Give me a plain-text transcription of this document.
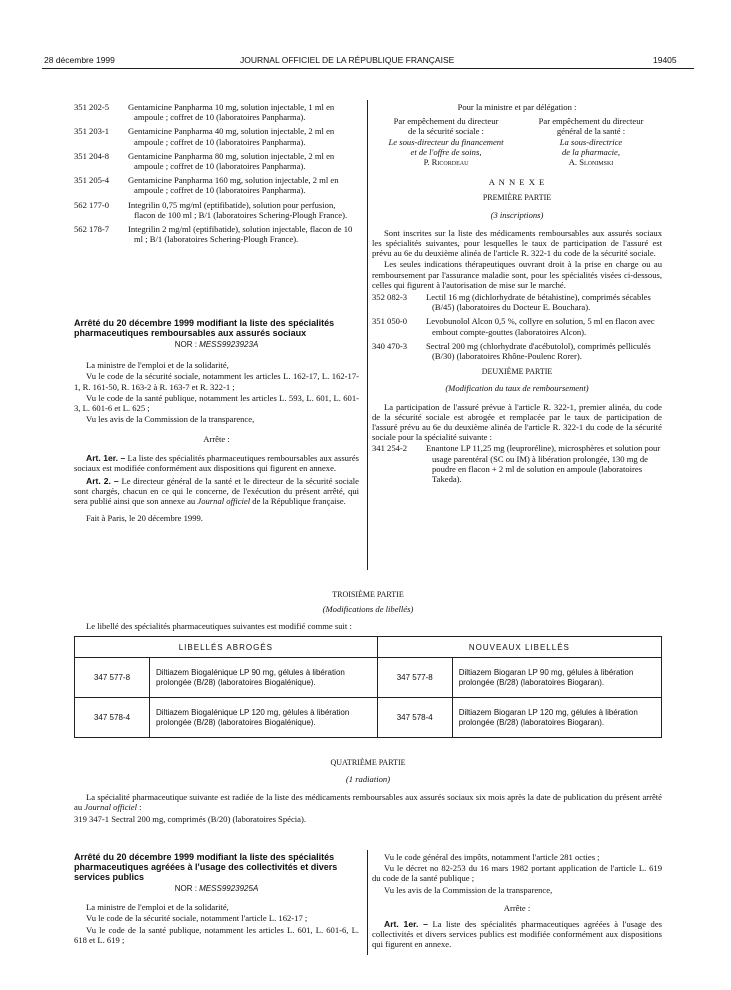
28 décembre 1999	JOURNAL OFFICIEL DE LA RÉPUBLIQUE FRANÇAISE	19405
351 202-5	Gentamicine Panpharma 10 mg, solution injectable, 1 ml en ampoule ; coffret de 10 (laboratoires Panpharma).
351 203-1	Gentamicine Panpharma 40 mg, solution injectable, 2 ml en ampoule ; coffret de 10 (laboratoires Panpharma).
351 204-8	Gentamicine Panpharma 80 mg, solution injectable, 2 ml en ampoule ; coffret de 10 (laboratoires Panpharma).
351 205-4	Gentamicine Panpharma 160 mg, solution injectable, 2 ml en ampoule ; coffret de 10 (laboratoires Panpharma).
562 177-0	Integrilin 0,75 mg/ml (eptifibatide), solution pour perfusion, flacon de 100 ml ; B/1 (laboratoires Schering-Plough France).
562 178-7	Integrilin 2 mg/ml (eptifibatide), solution injectable, flacon de 10 ml ; B/1 (laboratoires Schering-Plough France).
Arrêté du 20 décembre 1999 modifiant la liste des spécialités pharmaceutiques remboursables aux assurés sociaux
NOR : MESS9923923A

La ministre de l'emploi et de la solidarité,

Vu le code de la sécurité sociale, notamment les articles L. 162-17, L. 162-17-1, R. 161-50, R. 163-2 à R. 163-7 et R. 322-1 ;

Vu le code de la santé publique, notamment les articles L. 593, L. 601, L. 601-3, L. 601-6 et L. 625 ;

Vu les avis de la Commission de la transparence,

Arrête :

Art. 1er. – La liste des spécialités pharmaceutiques remboursables aux assurés sociaux est modifiée conformément aux dispositions qui figurent en annexe.

Art. 2. – Le directeur général de la santé et le directeur de la sécurité sociale sont chargés, chacun en ce qui le concerne, de l'exécution du présent arrêté, qui sera publié ainsi que son annexe au Journal officiel de la République française.

Fait à Paris, le 20 décembre 1999.

Pour la ministre et par délégation :
Par empêchement du directeur
de la sécurité sociale :
Le sous-directeur du financement
et de l'offre de soins,
P. Ricordeau
Par empêchement du directeur
général de la santé :
La sous-directrice
de la pharmacie,
A. Slonimski
A N N E X E
PREMIÈRE PARTIE
(3 inscriptions)

Sont inscrites sur la liste des médicaments remboursables aux assurés sociaux les spécialités suivantes, pour lesquelles le taux de participation de l'assuré est prévu au 6e du deuxième alinéa de l'article R. 322-1 du code de la sécurité sociale.

Les seules indications thérapeutiques ouvrant droit à la prise en charge ou au remboursement par l'assurance maladie sont, pour les spécialités visées ci-dessous, celles qui figurent à l'autorisation de mise sur le marché.

352 082-3	Lectil 16 mg (dichlorhydrate de bétahistine), comprimés sécables (B/45) (laboratoires du Docteur E. Bouchara).
351 050-0	Levobunolol Alcon 0,5 %, collyre en solution, 5 ml en flacon avec embout compte-gouttes (laboratoires Alcon).
340 470-3	Sectral 200 mg (chlorhydrate d'acébutolol), comprimés pelliculés (B/30) (laboratoires Rhône-Poulenc Rorer).
DEUXIÈME PARTIE
(Modification du taux de remboursement)

La participation de l'assuré prévue à l'article R. 322-1, premier alinéa, du code de la sécurité sociale est abrogée et remplacée par le taux de participation de l'assuré prévu au 6e du deuxième alinéa de l'article R. 322-1 du code de la sécurité sociale pour la spécialité suivante :

341 254-2	Enantone LP 11,25 mg (leuproréline), microsphères et solution pour usage parentéral (SC ou IM) à libération prolongée, 130 mg de poudre en flacon + 2 ml de solution en ampoule (laboratoires Takeda).
TROISIÈME PARTIE
(Modifications de libellés)

Le libellé des spécialités pharmaceutiques suivantes est modifié comme suit :

LIBELLÉS ABROGÉS		NOUVEAUX LIBELLÉS	
347 577-8	Diltiazem Biogalénique LP 90 mg, gélules à libération prolongée (B/28) (laboratoires Biogalénique).	347 577-8	Diltiazem Biogaran LP 90 mg, gélules à libération prolongée (B/28) (laboratoires Biogaran).
347 578-4	Diltiazem Biogalénique LP 120 mg, gélules à libération prolongée (B/28) (laboratoires Biogalénique).	347 578-4	Diltiazem Biogaran LP 120 mg, gélules à libération prolongée (B/28) (laboratoires Biogaran).
QUATRIÈME PARTIE
(1 radiation)

La spécialité pharmaceutique suivante est radiée de la liste des médicaments remboursables aux assurés sociaux six mois après la date de publication du présent arrêté au Journal officiel :

319 347-1 Sectral 200 mg, comprimés (B/20) (laboratoires Spécia).
Arrêté du 20 décembre 1999 modifiant la liste des spécialités pharmaceutiques agréées à l'usage des collectivités et divers services publics
NOR : MESS9923925A

La ministre de l'emploi et de la solidarité,

Vu le code de la sécurité sociale, notamment l'article L. 162-17 ;

Vu le code de la santé publique, notamment les articles L. 601, L. 601-6, L. 618 et L. 619 ;

Vu le code général des impôts, notamment l'article 281 octies ;

Vu le décret no 82-253 du 16 mars 1982 portant application de l'article L. 619 du code de la santé publique ;

Vu les avis de la Commission de la transparence,

Arrête :

Art. 1er. – La liste des spécialités pharmaceutiques agréées à l'usage des collectivités et divers services publics est modifiée conformément aux dispositions qui figurent en annexe.
